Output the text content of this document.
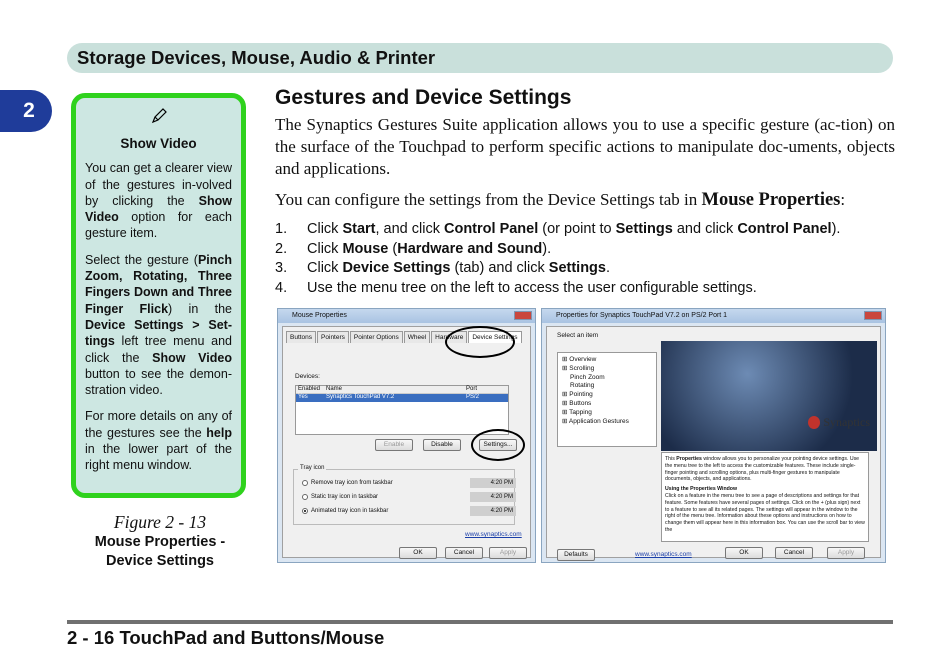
Storage Devices, Mouse, Audio & Printer
2
Show Video

You can get a clearer view of the gestures in-volved by clicking the Show Video option for each gesture item.

Select the gesture (Pinch Zoom, Rotating, Three Fingers Down and Three Finger Flick) in the Device Settings > Set-tings left tree menu and click the Show Video button to see the demon-stration video.

For more details on any of the gestures see the help in the lower part of the right menu window.

Figure 2 - 13
Mouse Properties -
Device Settings
Gestures and Device Settings
The Synaptics Gestures Suite application allows you to use a specific gesture (ac-tion) on the surface of the Touchpad to perform specific actions to manipulate doc-uments, objects and applications.
You can configure the settings from the Device Settings tab in Mouse Properties:
1.	Click Start, and click Control Panel (or point to Settings and click Control Panel).
2.	Click Mouse (Hardware and Sound).
3.	Click Device Settings (tab) and click Settings.
4.	Use the menu tree on the left to access the user configurable settings.
Mouse Properties
Buttons	Pointers	Pointer Options	Wheel	Hardware	Device Settings
Devices:
Enabled Name	Port
Yes	Synaptics TouchPad V7.2	PS/2
Enable	Disable	Settings...
Tray icon
Remove tray icon from taskbar
Static tray icon in taskbar
Animated tray icon in taskbar
4:20 PM
4:20 PM
4:20 PM
www.synaptics.com
OK	Cancel	Apply
Properties for Synaptics TouchPad V7.2 on PS/2 Port 1
Select an item
⊞ Overview
⊞ Scrolling
Pinch Zoom
Rotating
⊞ Pointing
⊞ Buttons
⊞ Tapping
⊞ Application Gestures	Synaptics

This Properties window allows you to personalize your pointing device settings. Use the menu tree to the left to access the customizable features. These include single-finger pointing and scrolling options, plus multi-finger gestures to manipulate documents, objects, and applications.

Using the Properties Window

Click on a feature in the menu tree to see a page of descriptions and settings for that feature. Some features have several pages of settings. Click on the + (plus sign) next to a feature to see all its related pages. The settings will appear in the window to the right of the menu tree. Information about these options and instructions on how to change them will appear here in this information box. You can use the scroll bar to view the

Defaults	www.synaptics.com	OK	Cancel	Apply
2 - 16 TouchPad and Buttons/Mouse
